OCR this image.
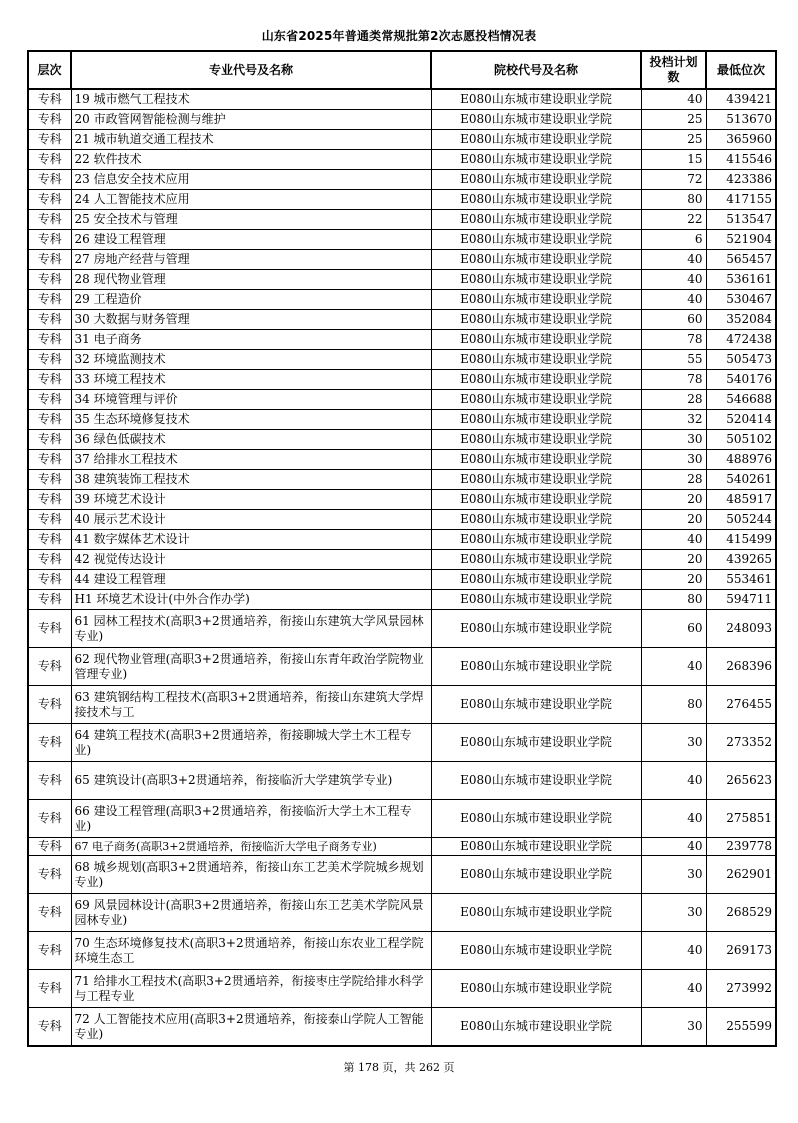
山东省2025年普通类常规批第2次志愿投档情况表
层次	专业代号及名称	院校代号及名称	投档计划数	最低位次
专科	19 城市燃气工程技术	E080山东城市建设职业学院	40	439421
专科	20 市政管网智能检测与维护	E080山东城市建设职业学院	25	513670
专科	21 城市轨道交通工程技术	E080山东城市建设职业学院	25	365960
专科	22 软件技术	E080山东城市建设职业学院	15	415546
专科	23 信息安全技术应用	E080山东城市建设职业学院	72	423386
专科	24 人工智能技术应用	E080山东城市建设职业学院	80	417155
专科	25 安全技术与管理	E080山东城市建设职业学院	22	513547
专科	26 建设工程管理	E080山东城市建设职业学院	6	521904
专科	27 房地产经营与管理	E080山东城市建设职业学院	40	565457
专科	28 现代物业管理	E080山东城市建设职业学院	40	536161
专科	29 工程造价	E080山东城市建设职业学院	40	530467
专科	30 大数据与财务管理	E080山东城市建设职业学院	60	352084
专科	31 电子商务	E080山东城市建设职业学院	78	472438
专科	32 环境监测技术	E080山东城市建设职业学院	55	505473
专科	33 环境工程技术	E080山东城市建设职业学院	78	540176
专科	34 环境管理与评价	E080山东城市建设职业学院	28	546688
专科	35 生态环境修复技术	E080山东城市建设职业学院	32	520414
专科	36 绿色低碳技术	E080山东城市建设职业学院	30	505102
专科	37 给排水工程技术	E080山东城市建设职业学院	30	488976
专科	38 建筑装饰工程技术	E080山东城市建设职业学院	28	540261
专科	39 环境艺术设计	E080山东城市建设职业学院	20	485917
专科	40 展示艺术设计	E080山东城市建设职业学院	20	505244
专科	41 数字媒体艺术设计	E080山东城市建设职业学院	40	415499
专科	42 视觉传达设计	E080山东城市建设职业学院	20	439265
专科	44 建设工程管理	E080山东城市建设职业学院	20	553461
专科	H1 环境艺术设计(中外合作办学)	E080山东城市建设职业学院	80	594711
专科	61 园林工程技术(高职3+2贯通培养，衔接山东建筑大学风景园林专业)	E080山东城市建设职业学院	60	248093
专科	62 现代物业管理(高职3+2贯通培养，衔接山东青年政治学院物业管理专业)	E080山东城市建设职业学院	40	268396
专科	63 建筑钢结构工程技术(高职3+2贯通培养，衔接山东建筑大学焊接技术与工	E080山东城市建设职业学院	80	276455
专科	64 建筑工程技术(高职3+2贯通培养，衔接聊城大学土木工程专业)	E080山东城市建设职业学院	30	273352
专科	65 建筑设计(高职3+2贯通培养，衔接临沂大学建筑学专业)	E080山东城市建设职业学院	40	265623
专科	66 建设工程管理(高职3+2贯通培养，衔接临沂大学土木工程专业)	E080山东城市建设职业学院	40	275851
专科	67 电子商务(高职3+2贯通培养，衔接临沂大学电子商务专业)	E080山东城市建设职业学院	40	239778
专科	68 城乡规划(高职3+2贯通培养，衔接山东工艺美术学院城乡规划专业)	E080山东城市建设职业学院	30	262901
专科	69 风景园林设计(高职3+2贯通培养，衔接山东工艺美术学院风景园林专业)	E080山东城市建设职业学院	30	268529
专科	70 生态环境修复技术(高职3+2贯通培养，衔接山东农业工程学院环境生态工	E080山东城市建设职业学院	40	269173
专科	71 给排水工程技术(高职3+2贯通培养，衔接枣庄学院给排水科学与工程专业	E080山东城市建设职业学院	40	273992
专科	72 人工智能技术应用(高职3+2贯通培养，衔接泰山学院人工智能专业)	E080山东城市建设职业学院	30	255599
第 178 页，共 262 页
